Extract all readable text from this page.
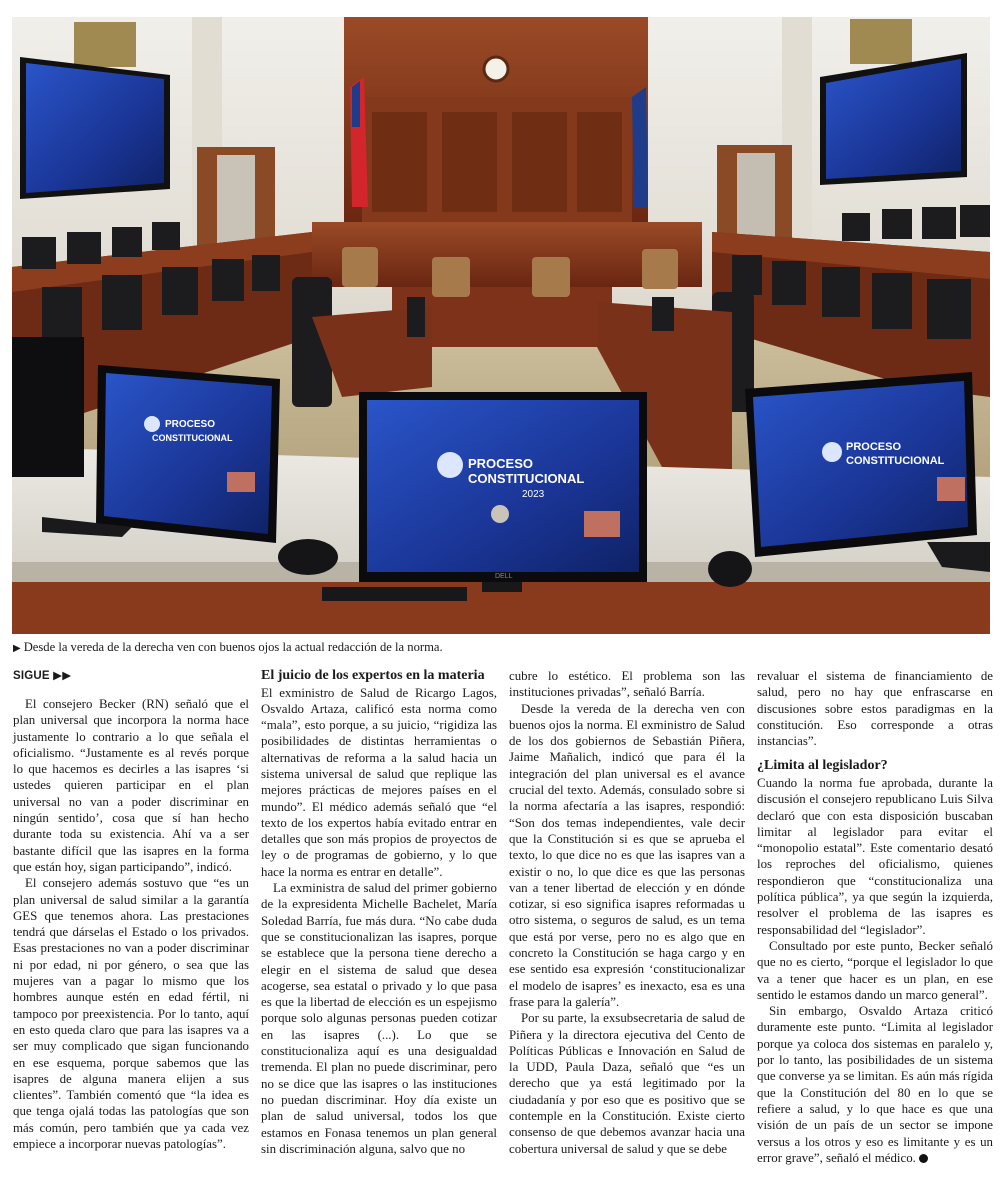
PROCESO
CONSTITUCIONAL
PROCESO
CONSTITUCIONAL
2023
DELL
PROCESO
CONSTITUCIONAL
▶ Desde la vereda de la derecha ven con buenos ojos la actual redacción de la norma.
SIGUE ▶▶

El consejero Becker (RN) señaló que el plan universal que incorpora la norma hace justamente lo contrario a lo que señala el oficialismo. “Justamente es al revés porque lo que hacemos es decirles a las isapres ‘si ustedes quieren participar en el plan universal no van a poder discriminar en ningún sentido’, cosa que sí han hecho durante toda su existencia. Ahí va a ser bastante difícil que las isapres en la forma que están hoy, sigan participando”, indicó.

El consejero además sostuvo que “es un plan universal de salud similar a la garantía GES que tenemos ahora. Las prestaciones tendrá que dárselas el Estado o los privados. Esas prestaciones no van a poder discriminar ni por edad, ni por género, o sea que las mujeres van a pagar lo mismo que los hombres aunque estén en edad fértil, ni tampoco por preexistencia. Por lo tanto, aquí en esto queda claro que para las isapres va a ser muy complicado que sigan funcionando en ese esquema, porque sabemos que las isapres de alguna manera elijen a sus clientes”. También comentó que “la idea es que tenga ojalá todas las patologías que son más común, pero también que ya cada vez empiece a incorporar nuevas patologías”.

El juicio de los expertos en la materia

El exministro de Salud de Ricargo Lagos, Osvaldo Artaza, calificó esta norma como “mala”, esto porque, a su juicio, “rigidiza las posibilidades de distintas herramientas o alternativas de reforma a la salud hacia un sistema universal de salud que replique las mejores prácticas de mejores países en el mundo”. El médico además señaló que “el texto de los expertos había evitado entrar en detalles que son más propios de proyectos de ley o de programas de gobierno, y lo que hace la norma es entrar en detalle”.

La exministra de salud del primer gobierno de la expresidenta Michelle Bachelet, María Soledad Barría, fue más dura. “No cabe duda que se constitucionalizan las isapres, porque se establece que la persona tiene derecho a elegir en el sistema de salud que desea acogerse, sea estatal o privado y lo que pasa es que la libertad de elección es un espejismo porque solo algunas personas pueden cotizar en las isapres (...). Lo que se constitucionaliza aquí es una desigualdad tremenda. El plan no puede discriminar, pero no se dice que las isapres o las instituciones no puedan discriminar. Hoy día existe un plan de salud universal, todos los que estamos en Fonasa tenemos un plan general sin discriminación alguna, salvo que no

cubre lo estético. El problema son las instituciones privadas”, señaló Barría.

Desde la vereda de la derecha ven con buenos ojos la norma. El exministro de Salud de los dos gobiernos de Sebastián Piñera, Jaime Mañalich, indicó que para él la integración del plan universal es el avance crucial del texto. Además, consulado sobre si la norma afectaría a las isapres, respondió: “Son dos temas independientes, vale decir que la Constitución si es que se aprueba el texto, lo que dice no es que las isapres van a existir o no, lo que dice es que las personas van a tener libertad de elección y en dónde cotizar, si eso significa isapres reformadas u otro sistema, o seguros de salud, es un tema que está por verse, pero no es algo que en concreto la Constitución se haga cargo y en ese sentido esa expresión ‘constitucionalizar el modelo de isapres’ es inexacto, esa es una frase para la galería”.

Por su parte, la exsubsecretaria de salud de Piñera y la directora ejecutiva del Cento de Políticas Públicas e Innovación en Salud de la UDD, Paula Daza, señaló que “es un derecho que ya está legitimado por la ciudadanía y por eso que es positivo que se contemple en la Constitución. Existe cierto consenso de que debemos avanzar hacia una cobertura universal de salud y que se debe

revaluar el sistema de financiamiento de salud, pero no hay que enfrascarse en discusiones sobre estos paradigmas en la constitución. Eso corresponde a otras instancias”.

¿Limita al legislador?

Cuando la norma fue aprobada, durante la discusión el consejero republicano Luis Silva declaró que con esta disposición buscaban limitar al legislador para evitar el “monopolio estatal”. Este comentario desató los reproches del oficialismo, quienes respondieron que “constitucionaliza una política pública”, ya que según la izquierda, resolver el problema de las isapres es responsabilidad del “legislador”.

Consultado por este punto, Becker señaló que no es cierto, “porque el legislador lo que va a tener que hacer es un plan, en ese sentido le estamos dando un marco general”.

Sin embargo, Osvaldo Artaza criticó duramente este punto. “Limita al legislador porque ya coloca dos sistemas en paralelo y, por lo tanto, las posibilidades de un sistema que converse ya se limitan. Es aún más rígida que la Constitución del 80 en lo que se refiere a salud, y lo que hace es que una visión de un país de un sector se impone versus a los otros y eso es limitante y es un error grave”, señaló el médico.
